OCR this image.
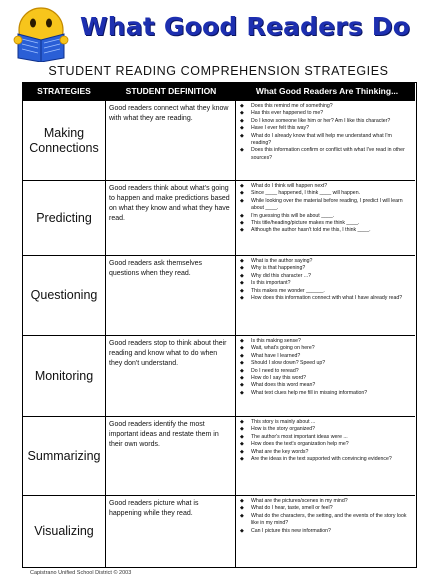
What Good Readers Do
STUDENT READING COMPREHENSION STRATEGIES
STRATEGIES	STUDENT DEFINITION	What Good Readers Are Thinking...
Making Connections
Good readers connect what they know with what they are reading.
◆ Does this remind me of something?
◆ Has this ever happened to me?
◆ Do I know someone like him or her? Am I like this character?
◆ Have I ever felt this way?
◆ What do I already know that will help me understand what I'm reading?
◆ Does this information confirm or conflict with what I've read in other sources?
Predicting
Good readers think about what's going to happen and make predictions based on what they know and what they have read.
◆ What do I think will happen next?
◆ Since ____ happened, I think ____ will happen.
◆ While looking over the material before reading, I predict I will learn about ____.
◆ I'm guessing this will be about ____.
◆ This title/heading/picture makes me think ____.
◆ Although the author hasn't told me this, I think ____.
Questioning
Good readers ask themselves questions when they read.
◆ What is the author saying?
◆ Why is that happening?
◆ Why did this character ...?
◆ Is this important?
◆ This makes me wonder ______.
◆ How does this information connect with what I have already read?
Monitoring
Good readers stop to think about their reading and know what to do when they don't understand.
◆ Is this making sense?
◆ Wait, what's going on here?
◆ What have I learned?
◆ Should I slow down? Speed up?
◆ Do I need to reread?
◆ How do I say this word?
◆ What does this word mean?
◆ What text clues help me fill in missing information?
Summarizing
Good readers identify the most important ideas and restate them in their own words.
◆ This story is mainly about ...
◆ How is the story organized?
◆ The author's most important ideas were ...
◆ How does the text's organization help me?
◆ What are the key words?
◆ Are the ideas in the text supported with convincing evidence?
Visualizing
Good readers picture what is happening while they read.
◆ What are the pictures/scenes in my mind?
◆ What do I hear, taste, smell or feel?
◆ What do the characters, the setting, and the events of the story look like in my mind?
◆ Can I picture this new information?
Capistrano Unified School District © 2003
